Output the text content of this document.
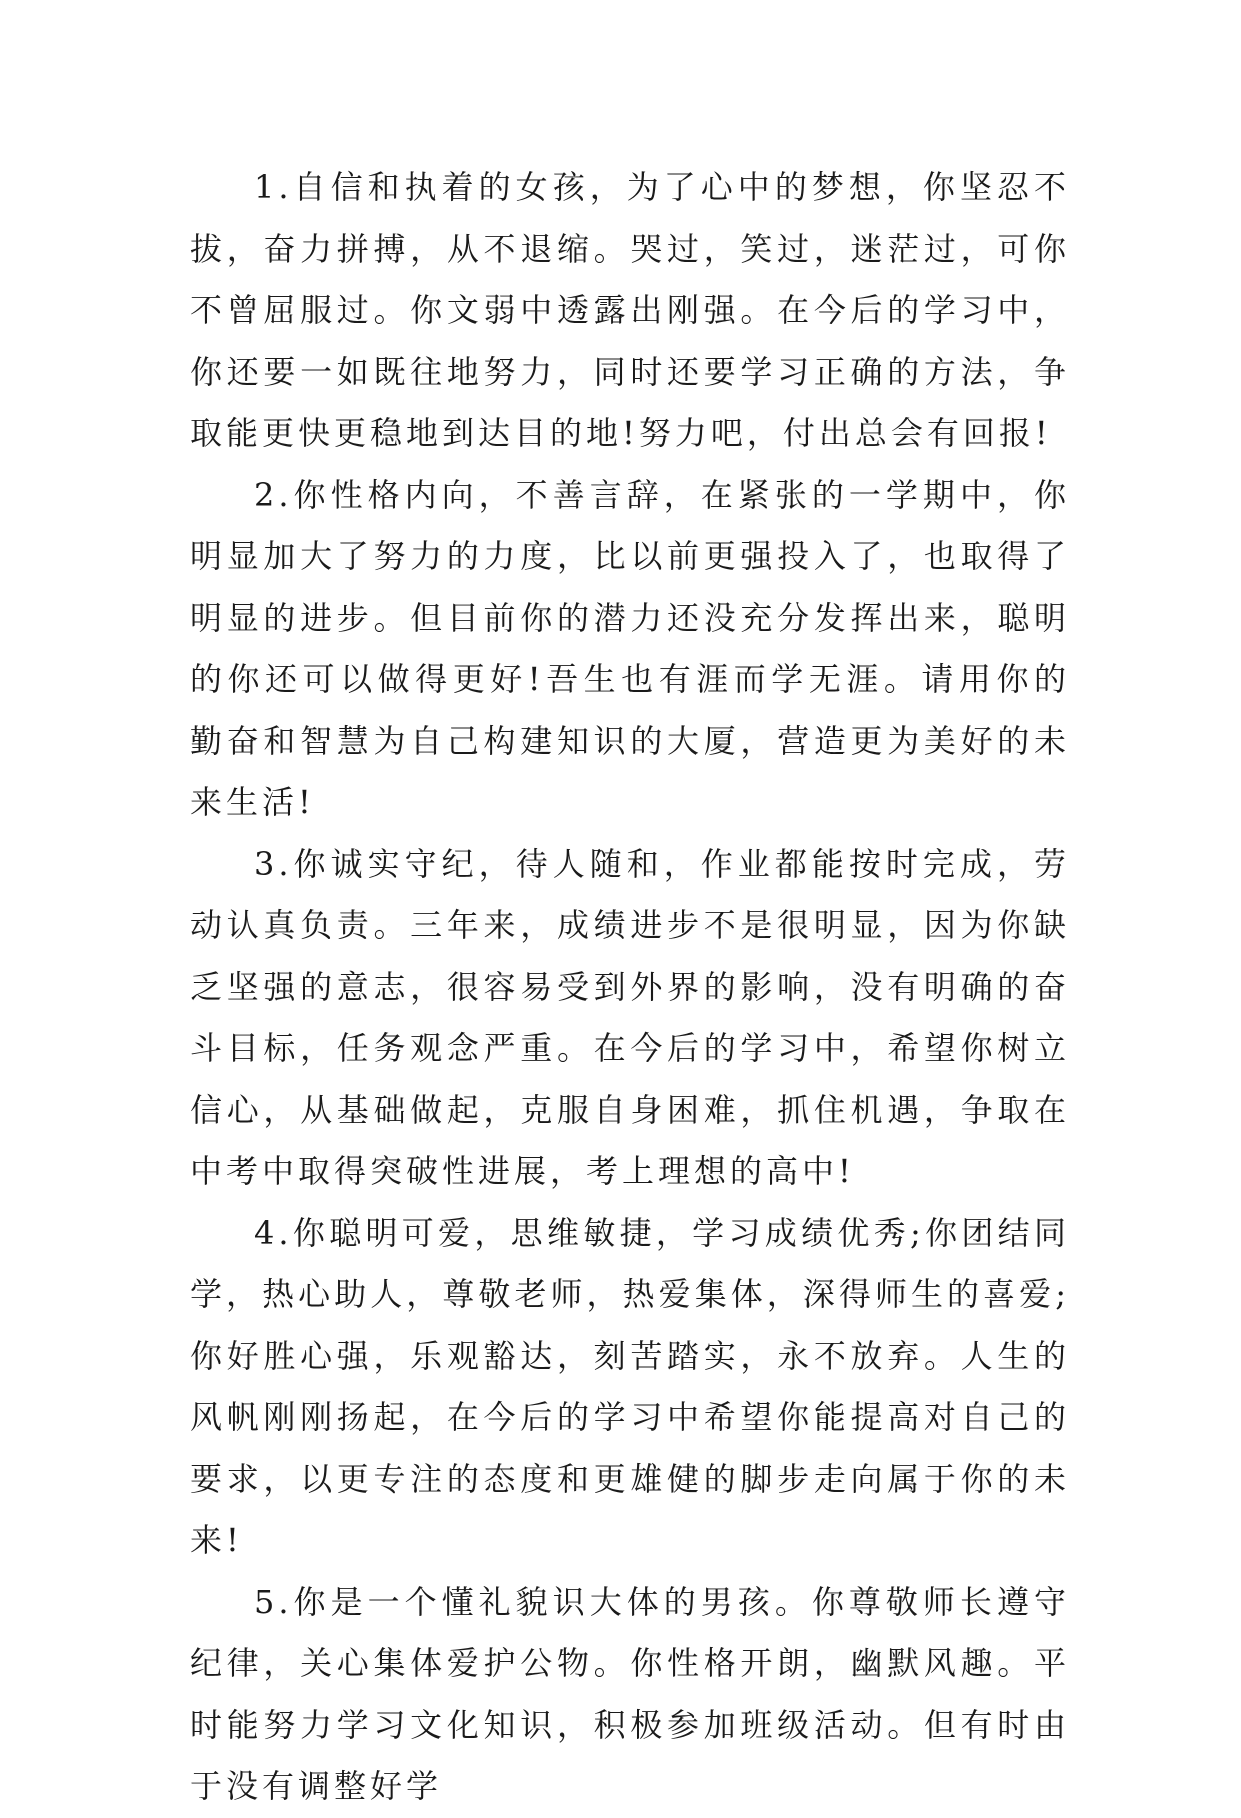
1.自信和执着的女孩，为了心中的梦想，你坚忍不拔，奋力拼搏，从不退缩。哭过，笑过，迷茫过，可你不曾屈服过。你文弱中透露出刚强。在今后的学习中，你还要一如既往地努力，同时还要学习正确的方法，争取能更快更稳地到达目的地!努力吧，付出总会有回报!

2.你性格内向，不善言辞，在紧张的一学期中，你明显加大了努力的力度，比以前更强投入了，也取得了明显的进步。但目前你的潜力还没充分发挥出来，聪明的你还可以做得更好!吾生也有涯而学无涯。请用你的勤奋和智慧为自己构建知识的大厦，营造更为美好的未来生活!

3.你诚实守纪，待人随和，作业都能按时完成，劳动认真负责。三年来，成绩进步不是很明显，因为你缺乏坚强的意志，很容易受到外界的影响，没有明确的奋斗目标，任务观念严重。在今后的学习中，希望你树立信心，从基础做起，克服自身困难，抓住机遇，争取在中考中取得突破性进展，考上理想的高中!

4.你聪明可爱，思维敏捷，学习成绩优秀;你团结同学，热心助人，尊敬老师，热爱集体，深得师生的喜爱;你好胜心强，乐观豁达，刻苦踏实，永不放弃。人生的风帆刚刚扬起，在今后的学习中希望你能提高对自己的要求，以更专注的态度和更雄健的脚步走向属于你的未来!

5.你是一个懂礼貌识大体的男孩。你尊敬师长遵守纪律，关心集体爱护公物。你性格开朗，幽默风趣。平时能努力学习文化知识，积极参加班级活动。但有时由于没有调整好学
